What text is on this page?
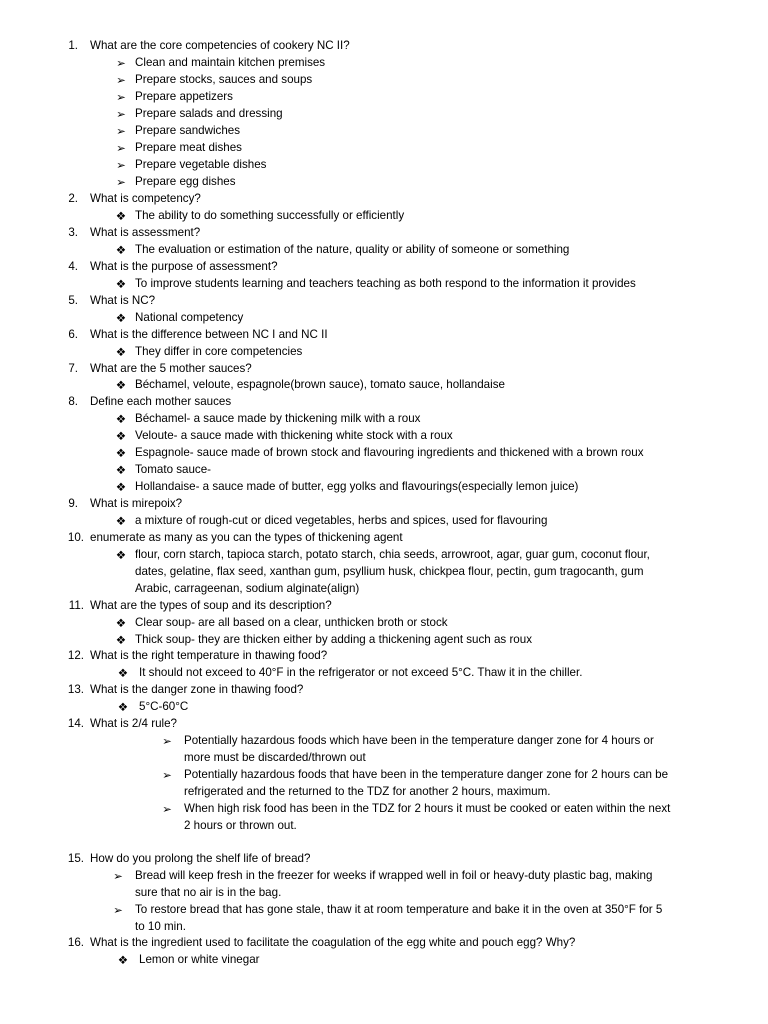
1. What are the core competencies of cookery NC II?
➢ Clean and maintain kitchen premises
➢ Prepare stocks, sauces and soups
➢ Prepare appetizers
➢ Prepare salads and dressing
➢ Prepare sandwiches
➢ Prepare meat dishes
➢ Prepare vegetable dishes
➢ Prepare egg dishes
2. What is competency?
❖ The ability to do something successfully or efficiently
3. What is assessment?
❖ The evaluation or estimation of the nature, quality or ability of someone or something
4. What is the purpose of assessment?
❖ To improve students learning and teachers teaching as both respond to the information it provides
5. What is NC?
❖ National competency
6. What is the difference between NC I and NC II
❖ They differ in core competencies
7. What are the 5 mother sauces?
❖ Béchamel, veloute, espagnole(brown sauce), tomato sauce, hollandaise
8. Define each mother sauces
❖ Béchamel- a sauce made by thickening milk with a roux
❖ Veloute- a sauce made with thickening white stock with a roux
❖ Espagnole- sauce made of brown stock and flavouring ingredients and thickened with a brown roux
❖ Tomato sauce-
❖ Hollandaise- a sauce made of butter, egg yolks and flavourings(especially lemon juice)
9. What is mirepoix?
❖ a mixture of rough-cut or diced vegetables, herbs and spices, used for flavouring
10. enumerate as many as you can the types of thickening agent
❖ flour, corn starch, tapioca starch, potato starch, chia seeds, arrowroot, agar, guar gum, coconut flour,
dates, gelatine, flax seed, xanthan gum, psyllium husk, chickpea flour, pectin, gum tragocanth, gum
Arabic, carrageenan, sodium alginate(align)
11. What are the types of soup and its description?
❖ Clear soup- are all based on a clear, unthicken broth or stock
❖ Thick soup- they are thicken either by adding a thickening agent such as roux
12. What is the right temperature in thawing food?
❖ It should not exceed to 40°F in the refrigerator or not exceed 5°C. Thaw it in the chiller.
13. What is the danger zone in thawing food?
❖ 5°C-60°C
14. What is 2/4 rule?
➢ Potentially hazardous foods which have been in the temperature danger zone for 4 hours or
more must be discarded/thrown out
➢ Potentially hazardous foods that have been in the temperature danger zone for 2 hours can be
refrigerated and the returned to the TDZ for another 2 hours, maximum.
➢ When high risk food has been in the TDZ for 2 hours it must be cooked or eaten within the next
2 hours or thrown out.
15. How do you prolong the shelf life of bread?
➢ Bread will keep fresh in the freezer for weeks if wrapped well in foil or heavy-duty plastic bag, making
sure that no air is in the bag.
➢ To restore bread that has gone stale, thaw it at room temperature and bake it in the oven at 350°F for 5
to 10 min.
16. What is the ingredient used to facilitate the coagulation of the egg white and pouch egg? Why?
❖ Lemon or white vinegar
